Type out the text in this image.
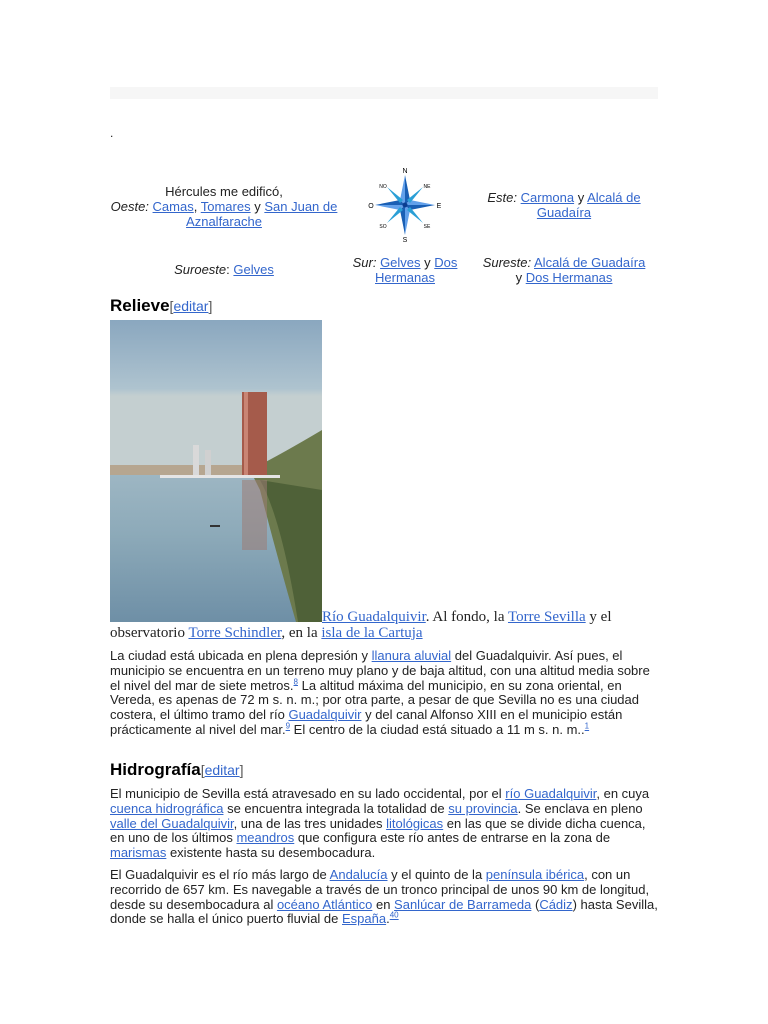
.
Hércules me edificó,
Oeste: Camas, Tomares y San Juan de Aznalfarache
N
S
E
O
NE
NO
SE
SO
Este: Carmona y Alcalá de Guadaíra
Suroeste: Gelves	Sur: Gelves y Dos Hermanas
Sureste: Alcalá de Guadaíra y Dos Hermanas
Relieve[editar]
Río Guadalquivir. Al fondo, la Torre Sevilla y el observatorio Torre Schindler, en la isla de la Cartuja

La ciudad está ubicada en plena depresión y llanura aluvial del Guadalquivir. Así pues, el municipio se encuentra en un terreno muy plano y de baja altitud, con una altitud media sobre el nivel del mar de siete metros.$^8$ La altitud máxima del municipio, en su zona oriental, en Vereda, es apenas de 72 m s. n. m.; por otra parte, a pesar de que Sevilla no es una ciudad costera, el último tramo del río Guadalquivir y del canal Alfonso XIII en el municipio están prácticamente al nivel del mar.$^9$ El centro de la ciudad está situado a 11 m s. n. m..$^1$

Hidrografía[editar]

El municipio de Sevilla está atravesado en su lado occidental, por el río Guadalquivir, en cuya cuenca hidrográfica se encuentra integrada la totalidad de su provincia. Se enclava en pleno valle del Guadalquivir, una de las tres unidades litológicas en las que se divide dicha cuenca, en uno de los últimos meandros que configura este río antes de entrarse en la zona de marismas existente hasta su desembocadura.

El Guadalquivir es el río más largo de Andalucía y el quinto de la península ibérica, con un recorrido de 657 km. Es navegable a través de un tronco principal de unos 90 km de longitud, desde su desembocadura al océano Atlántico en Sanlúcar de Barrameda (Cádiz) hasta Sevilla, donde se halla el único puerto fluvial de España.$^{40}$
